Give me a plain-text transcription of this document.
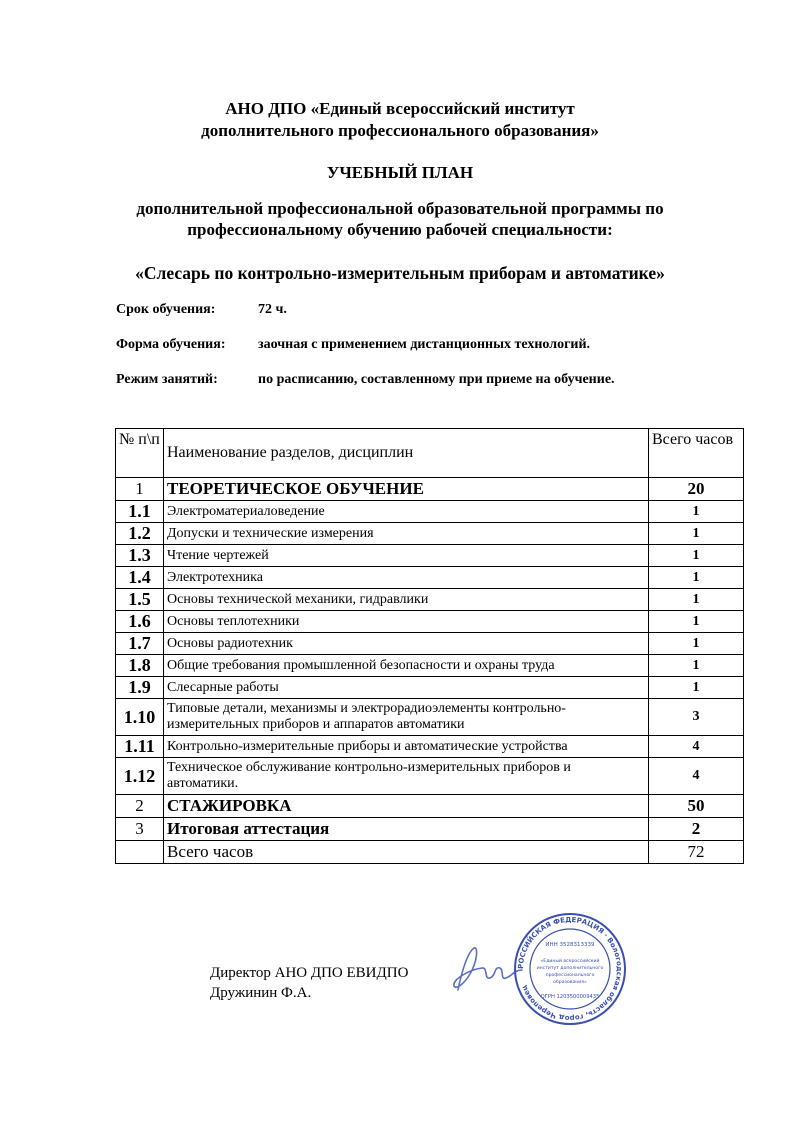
АНО ДПО «Единый всероссийский институт дополнительного профессионального образования»
УЧЕБНЫЙ ПЛАН
дополнительной профессиональной образовательной программы по профессиональному обучению рабочей специальности:
«Слесарь по контрольно-измерительным приборам и автоматике»
Срок обучения:	72 ч.
Форма обучения: заочная с применением дистанционных технологий.
Режим занятий:	по расписанию, составленному при приеме на обучение.
№ п\п	Наименование разделов, дисциплин	Всего часов
1	ТЕОРЕТИЧЕСКОЕ ОБУЧЕНИЕ	20
1.1	Электроматериаловедение	1
1.2	Допуски и технические измерения	1
1.3	Чтение чертежей	1
1.4	Электротехника	1
1.5	Основы технической механики, гидравлики	1
1.6	Основы теплотехники	1
1.7	Основы радиотехник	1
1.8	Общие требования промышленной безопасности и охраны труда	1
1.9	Слесарные работы	1
1.10	Типовые детали, механизмы и электрорадиоэлементы контрольно-измерительных приборов и аппаратов автоматики	3
1.11	Контрольно-измерительные приборы и автоматические устройства	4
1.12	Техническое обслуживание контрольно-измерительных приборов и автоматики.	4
2	СТАЖИРОВКА	50
3	Итоговая аттестация	2
	Всего часов	72
Директор АНО ДПО ЕВИДПО
Дружинин Ф.А.
РОССИЙСКАЯ ФЕДЕРАЦИЯ · Вологодская область, город Череповец
ИНН 3528313339
«Единый всероссийский
институт дополнительного
профессионального
образования»
ОГРН 1203500009435
